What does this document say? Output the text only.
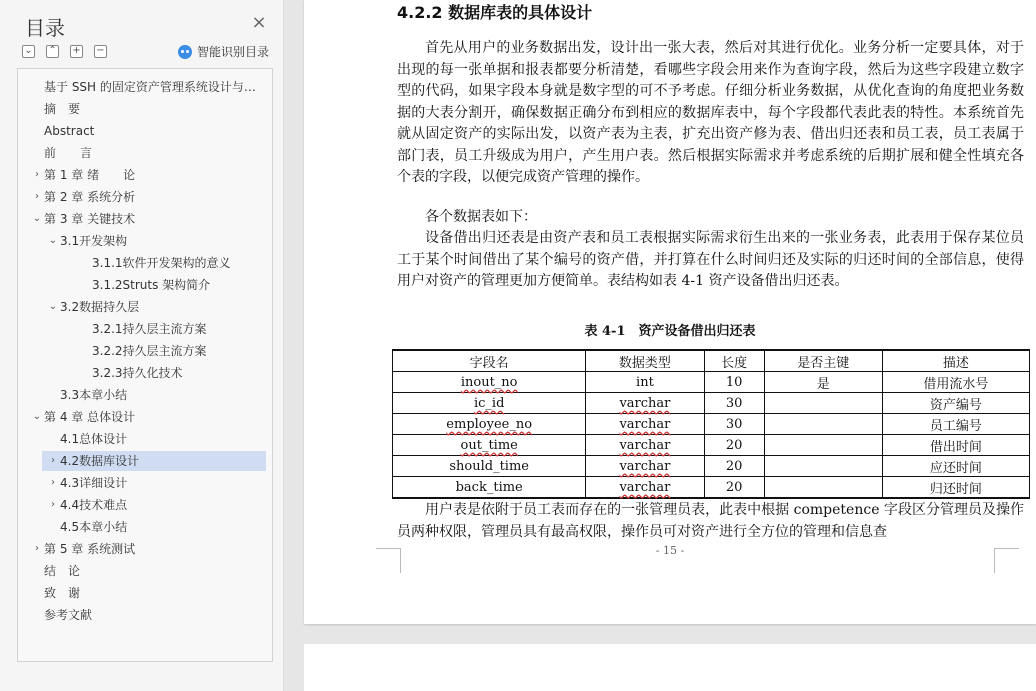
目录	×
⌄ ⌃ + −	智能识别目录
基于 SSH 的固定资产管理系统设计与…
摘　要
Abstract
前　　言
› 第 1 章 绪　　论
› 第 2 章 系统分析
⌄ 第 3 章 关键技术
⌄ 3.1开发架构
3.1.1软件开发架构的意义
3.1.2Struts 架构简介
⌄ 3.2数据持久层
3.2.1持久层主流方案
3.2.2持久层主流方案
3.2.3持久化技术
3.3本章小结
⌄ 第 4 章 总体设计
4.1总体设计
› 4.2数据库设计
› 4.3详细设计
› 4.4技术难点
4.5本章小结
› 第 5 章 系统测试
结　论
致　谢
参考文献
4.2.2 数据库表的具体设计

首先从用户的业务数据出发，设计出一张大表，然后对其进行优化。业务分析一定要具体，对于出现的每一张单据和报表都要分析清楚，看哪些字段会用来作为查询字段，然后为这些字段建立数字型的代码，如果字段本身就是数字型的可不予考虑。仔细分析业务数据，从优化查询的角度把业务数据的大表分割开，确保数据正确分布到相应的数据库表中，每个字段都代表此表的特性。本系统首先就从固定资产的实际出发，以资产表为主表，扩充出资产修为表、借出归还表和员工表，员工表属于部门表，员工升级成为用户，产生用户表。然后根据实际需求并考虑系统的后期扩展和健全性填充各个表的字段，以便完成资产管理的操作。

各个数据表如下：

设备借出归还表是由资产表和员工表根据实际需求衍生出来的一张业务表，此表用于保存某位员工于某个时间借出了某个编号的资产借，并打算在什么时间归还及实际的归还时间的全部信息，使得用户对资产的管理更加方便简单。表结构如表 4-1 资产设备借出归还表。

表 4-1　资产设备借出归还表
字段名	数据类型	长度	是否主键	描述
inout_no	int	10	是	借用流水号
ic_id	varchar	30		资产编号
employee_no	varchar	30		员工编号
out_time	varchar	20		借出时间
should_time	varchar	20		应还时间
back_time	varchar	20		归还时间

用户表是依附于员工表而存在的一张管理员表，此表中根据 competence 字段区分管理员及操作员两种权限，管理员具有最高权限，操作员可对资产进行全方位的管理和信息查

- 15 -
